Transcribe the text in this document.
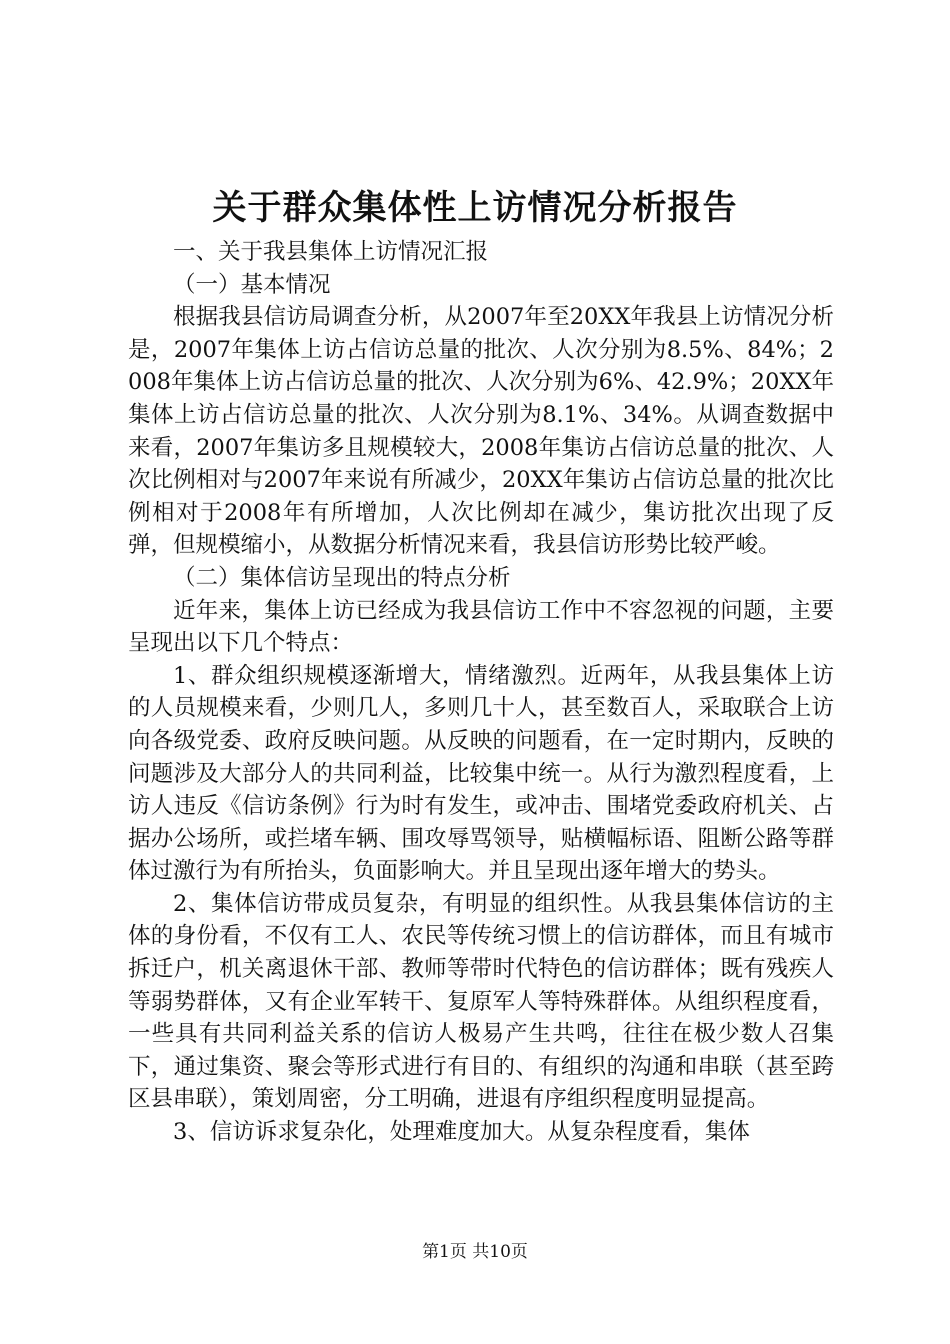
关于群众集体性上访情况分析报告

一、关于我县集体上访情况汇报

（一）基本情况

根据我县信访局调查分析，从2007年至20XX年我县上访情况分析是，2007年集体上访占信访总量的批次、人次分别为8.5%、84%；2008年集体上访占信访总量的批次、人次分别为6%、42.9%；20XX年集体上访占信访总量的批次、人次分别为8.1%、34%。从调查数据中来看，2007年集访多且规模较大，2008年集访占信访总量的批次、人次比例相对与2007年来说有所减少，20XX年集访占信访总量的批次比例相对于2008年有所增加，人次比例却在减少，集访批次出现了反弹，但规模缩小，从数据分析情况来看，我县信访形势比较严峻。

（二）集体信访呈现出的特点分析

近年来，集体上访已经成为我县信访工作中不容忽视的问题，主要呈现出以下几个特点：

1、群众组织规模逐渐增大，情绪激烈。近两年，从我县集体上访的人员规模来看，少则几人，多则几十人，甚至数百人，采取联合上访向各级党委、政府反映问题。从反映的问题看，在一定时期内，反映的问题涉及大部分人的共同利益，比较集中统一。从行为激烈程度看，上访人违反《信访条例》行为时有发生，或冲击、围堵党委政府机关、占据办公场所，或拦堵车辆、围攻辱骂领导，贴横幅标语、阻断公路等群体过激行为有所抬头，负面影响大。并且呈现出逐年增大的势头。

2、集体信访带成员复杂，有明显的组织性。从我县集体信访的主体的身份看，不仅有工人、农民等传统习惯上的信访群体，而且有城市拆迁户，机关离退休干部、教师等带时代特色的信访群体；既有残疾人等弱势群体，又有企业军转干、复原军人等特殊群体。从组织程度看，一些具有共同利益关系的信访人极易产生共鸣，往往在极少数人召集下，通过集资、聚会等形式进行有目的、有组织的沟通和串联（甚至跨区县串联），策划周密，分工明确，进退有序组织程度明显提高。

3、信访诉求复杂化，处理难度加大。从复杂程度看，集体

第1页 共10页
